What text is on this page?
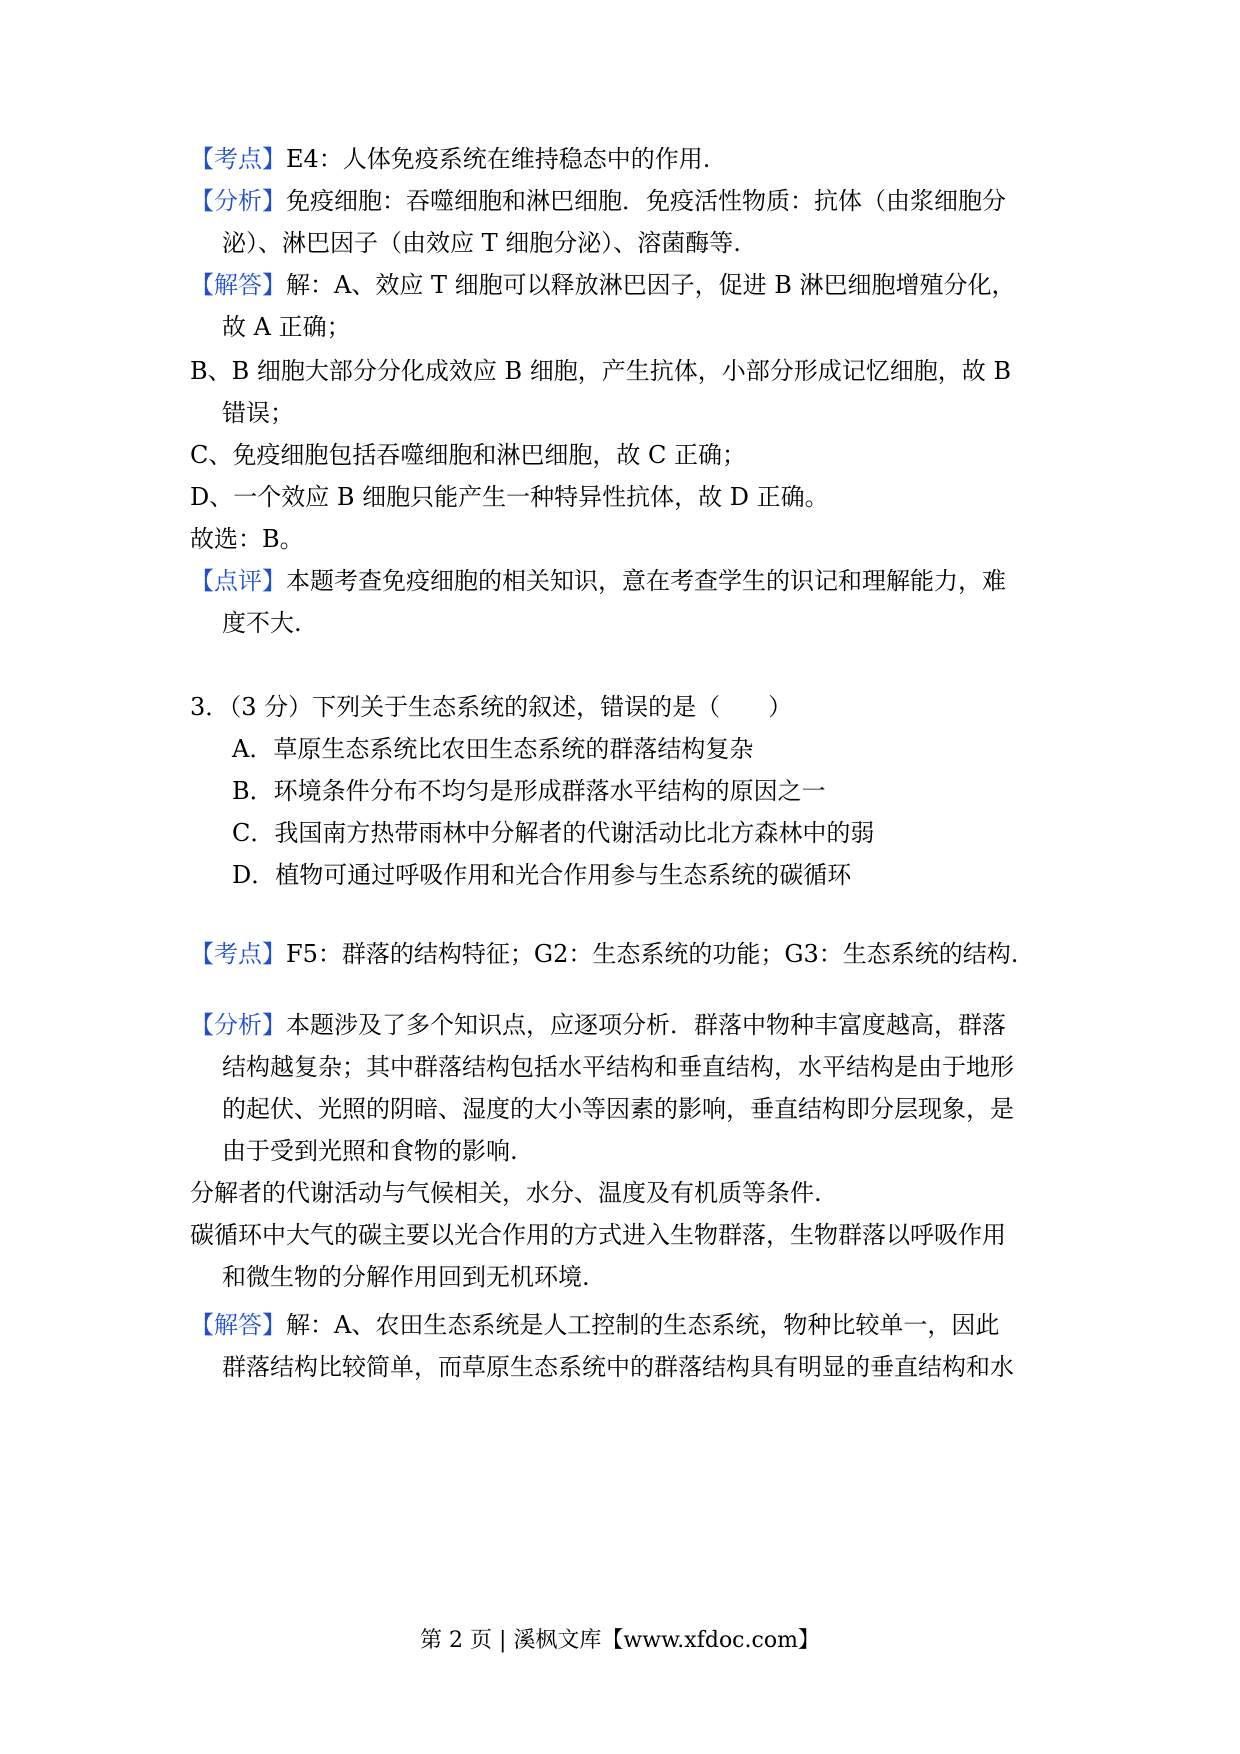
【考点】E4：人体免疫系统在维持稳态中的作用.
【分析】免疫细胞：吞噬细胞和淋巴细胞．免疫活性物质：抗体（由浆细胞分
泌）、淋巴因子（由效应 T 细胞分泌）、溶菌酶等.
【解答】解：A、效应 T 细胞可以释放淋巴因子，促进 B 淋巴细胞增殖分化，
故 A 正确；
B、B 细胞大部分分化成效应 B 细胞，产生抗体，小部分形成记忆细胞，故 B
错误；
C、免疫细胞包括吞噬细胞和淋巴细胞，故 C 正确；
D、一个效应 B 细胞只能产生一种特异性抗体，故 D 正确。
故选：B。
【点评】本题考查免疫细胞的相关知识，意在考查学生的识记和理解能力，难
度不大.
3．（3 分）下列关于生态系统的叙述，错误的是（　　）
A．草原生态系统比农田生态系统的群落结构复杂
B．环境条件分布不均匀是形成群落水平结构的原因之一
C．我国南方热带雨林中分解者的代谢活动比北方森林中的弱
D．植物可通过呼吸作用和光合作用参与生态系统的碳循环
【考点】F5：群落的结构特征；G2：生态系统的功能；G3：生态系统的结构.
【分析】本题涉及了多个知识点，应逐项分析．群落中物种丰富度越高，群落
结构越复杂；其中群落结构包括水平结构和垂直结构，水平结构是由于地形
的起伏、光照的阴暗、湿度的大小等因素的影响，垂直结构即分层现象，是
由于受到光照和食物的影响.
分解者的代谢活动与气候相关，水分、温度及有机质等条件.
碳循环中大气的碳主要以光合作用的方式进入生物群落，生物群落以呼吸作用
和微生物的分解作用回到无机环境.
【解答】解：A、农田生态系统是人工控制的生态系统，物种比较单一，因此
群落结构比较简单，而草原生态系统中的群落结构具有明显的垂直结构和水
第 2 页 | 溪枫文库【www.xfdoc.com】
